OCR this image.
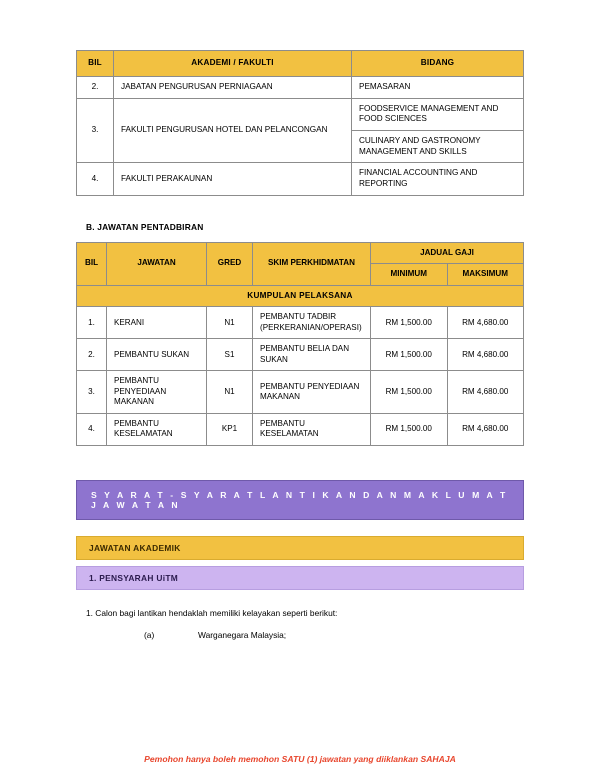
BIL	AKADEMI / FAKULTI	BIDANG
2.	JABATAN PENGURUSAN PERNIAGAAN	PEMASARAN
3.	FAKULTI PENGURUSAN HOTEL DAN PELANCONGAN	FOODSERVICE MANAGEMENT AND FOOD SCIENCES
		CULINARY AND GASTRONOMY MANAGEMENT AND SKILLS
4.	FAKULTI PERAKAUNAN	FINANCIAL ACCOUNTING AND REPORTING
B. JAWATAN PENTADBIRAN
BIL	JAWATAN	GRED	SKIM PERKHIDMATAN	JADUAL GAJI	
				MINIMUM	MAKSIMUM
KUMPULAN PELAKSANA					
1.	KERANI	N1	PEMBANTU TADBIR (PERKERANIAN/OPERASI)	RM 1,500.00	RM 4,680.00
2.	PEMBANTU SUKAN	S1	PEMBANTU BELIA DAN SUKAN	RM 1,500.00	RM 4,680.00
3.	PEMBANTU PENYEDIAAN MAKANAN	N1	PEMBANTU PENYEDIAAN MAKANAN	RM 1,500.00	RM 4,680.00
4.	PEMBANTU KESELAMATAN	KP1	PEMBANTU KESELAMATAN	RM 1,500.00	RM 4,680.00
S Y A R A T - S Y A R A T L A N T I K A N D A N M A K L U M A T J A W A T A N
JAWATAN AKADEMIK
1. PENSYARAH UiTM
1. Calon bagi lantikan hendaklah memiliki kelayakan seperti berikut:
(a)	Warganegara Malaysia;
Pemohon hanya boleh memohon SATU (1) jawatan yang diiklankan SAHAJA
